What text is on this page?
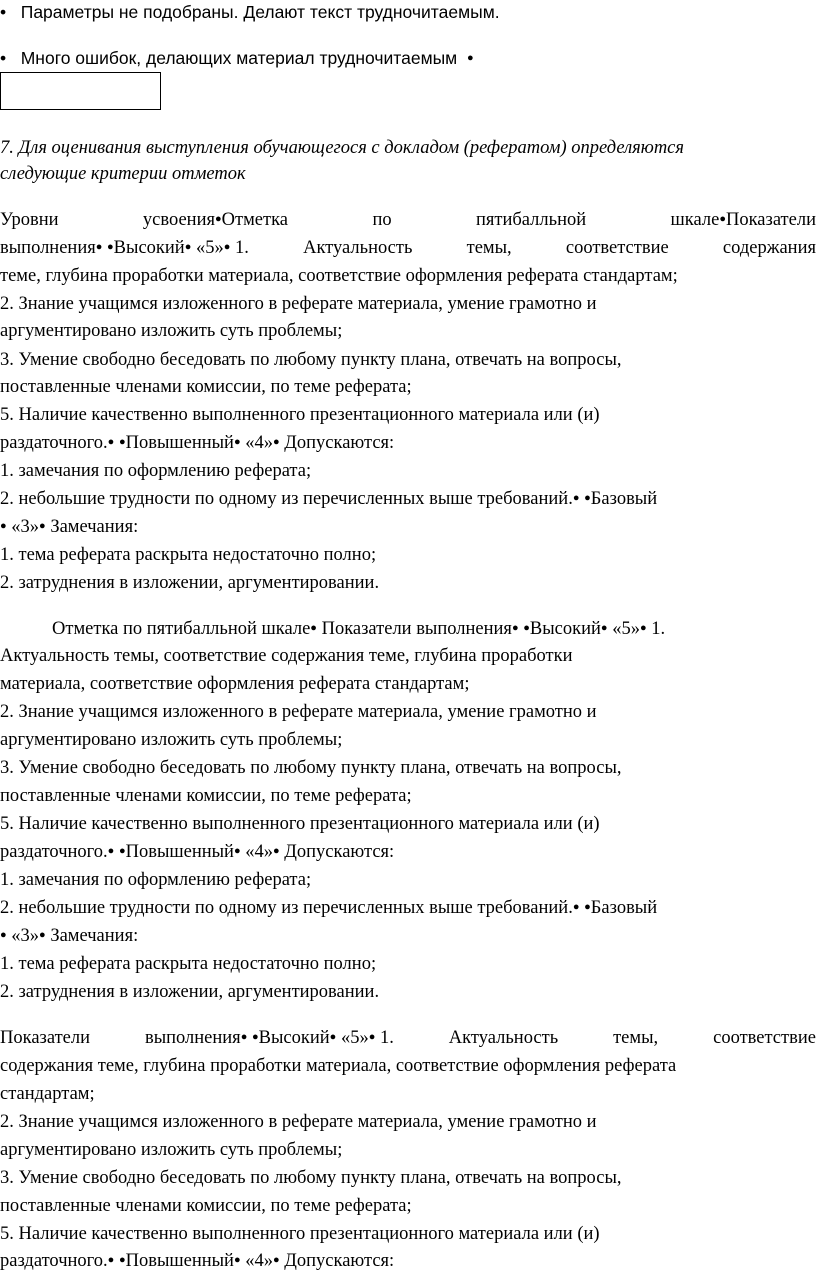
• Параметры не подобраны. Делают текст трудночитаемым.
• Много ошибок, делающих материал трудночитаемым ●
7. Для оценивания выступления обучающегося с докладом (рефератом) определяются
следующие критерии отметок
Уровни	усвоения●Отметка	по	пятибалльной	шкале●Показатели
выполнения● ●Высокий● «5»● 1.	Актуальность	темы,	соответствие	содержания
теме, глубина проработки материала, соответствие оформления реферата стандартам;
2. Знание учащимся изложенного в реферате материала, умение грамотно и
аргументировано изложить суть проблемы;
3. Умение свободно беседовать по любому пункту плана, отвечать на вопросы,
поставленные членами комиссии, по теме реферата;
5. Наличие качественно выполненного презентационного материала или (и)
раздаточного.● ●Повышенный● «4»● Допускаются:
1. замечания по оформлению реферата;
2. небольшие трудности по одному из перечисленных выше требований.● ●Базовый
● «3»● Замечания:
1. тема реферата раскрыта недостаточно полно;
2. затруднения в изложении, аргументировании.
Отметка по пятибалльной шкале● Показатели выполнения● ●Высокий● «5»● 1.
Актуальность темы, соответствие содержания теме, глубина проработки
материала, соответствие оформления реферата стандартам;
2. Знание учащимся изложенного в реферате материала, умение грамотно и
аргументировано изложить суть проблемы;
3. Умение свободно беседовать по любому пункту плана, отвечать на вопросы,
поставленные членами комиссии, по теме реферата;
5. Наличие качественно выполненного презентационного материала или (и)
раздаточного.● ●Повышенный● «4»● Допускаются:
1. замечания по оформлению реферата;
2. небольшие трудности по одному из перечисленных выше требований.● ●Базовый
● «3»● Замечания:
1. тема реферата раскрыта недостаточно полно;
2. затруднения в изложении, аргументировании.
Показатели	выполнения● ●Высокий● «5»● 1.	Актуальность	темы,	соответствие
содержания теме, глубина проработки материала, соответствие оформления реферата
стандартам;
2. Знание учащимся изложенного в реферате материала, умение грамотно и
аргументировано изложить суть проблемы;
3. Умение свободно беседовать по любому пункту плана, отвечать на вопросы,
поставленные членами комиссии, по теме реферата;
5. Наличие качественно выполненного презентационного материала или (и)
раздаточного.● ●Повышенный● «4»● Допускаются:
